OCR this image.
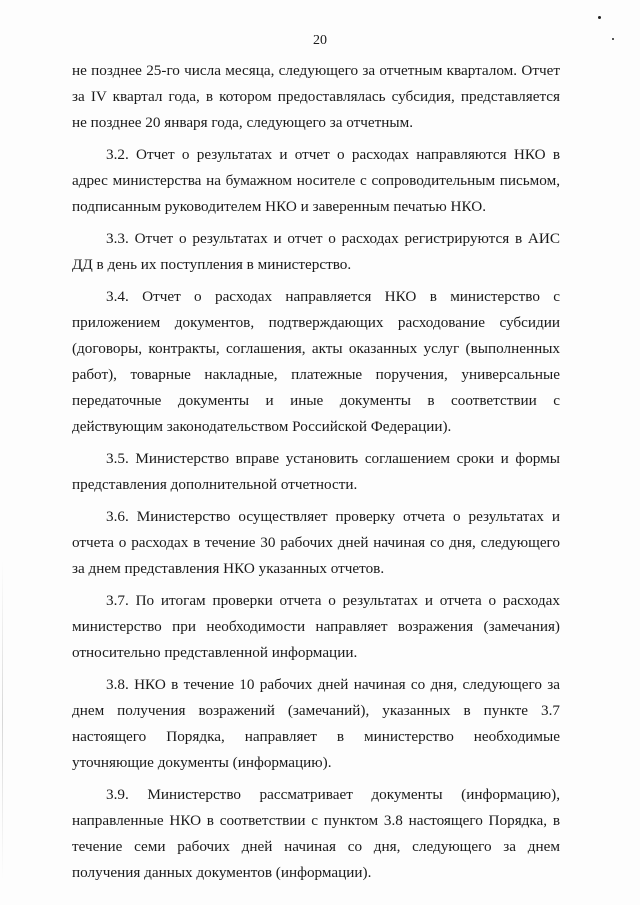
20

не позднее 25-го числа месяца, следующего за отчетным кварталом. Отчет за IV квартал года, в котором предоставлялась субсидия, представляется не позднее 20 января года, следующего за отчетным.

3.2. Отчет о результатах и отчет о расходах направляются НКО в адрес министерства на бумажном носителе с сопроводительным письмом, подписанным руководителем НКО и заверенным печатью НКО.

3.3. Отчет о результатах и отчет о расходах регистрируются в АИС ДД в день их поступления в министерство.

3.4. Отчет о расходах направляется НКО в министерство с приложением документов, подтверждающих расходование субсидии (договоры, контракты, соглашения, акты оказанных услуг (выполненных работ), товарные накладные, платежные поручения, универсальные передаточные документы и иные документы в соответствии с действующим законодательством Российской Федерации).

3.5. Министерство вправе установить соглашением сроки и формы представления дополнительной отчетности.

3.6. Министерство осуществляет проверку отчета о результатах и отчета о расходах в течение 30 рабочих дней начиная со дня, следующего за днем представления НКО указанных отчетов.

3.7. По итогам проверки отчета о результатах и отчета о расходах министерство при необходимости направляет возражения (замечания) относительно представленной информации.

3.8. НКО в течение 10 рабочих дней начиная со дня, следующего за днем получения возражений (замечаний), указанных в пункте 3.7 настоящего Порядка, направляет в министерство необходимые уточняющие документы (информацию).

3.9. Министерство рассматривает документы (информацию), направленные НКО в соответствии с пунктом 3.8 настоящего Порядка, в течение семи рабочих дней начиная со дня, следующего за днем получения данных документов (информации).
